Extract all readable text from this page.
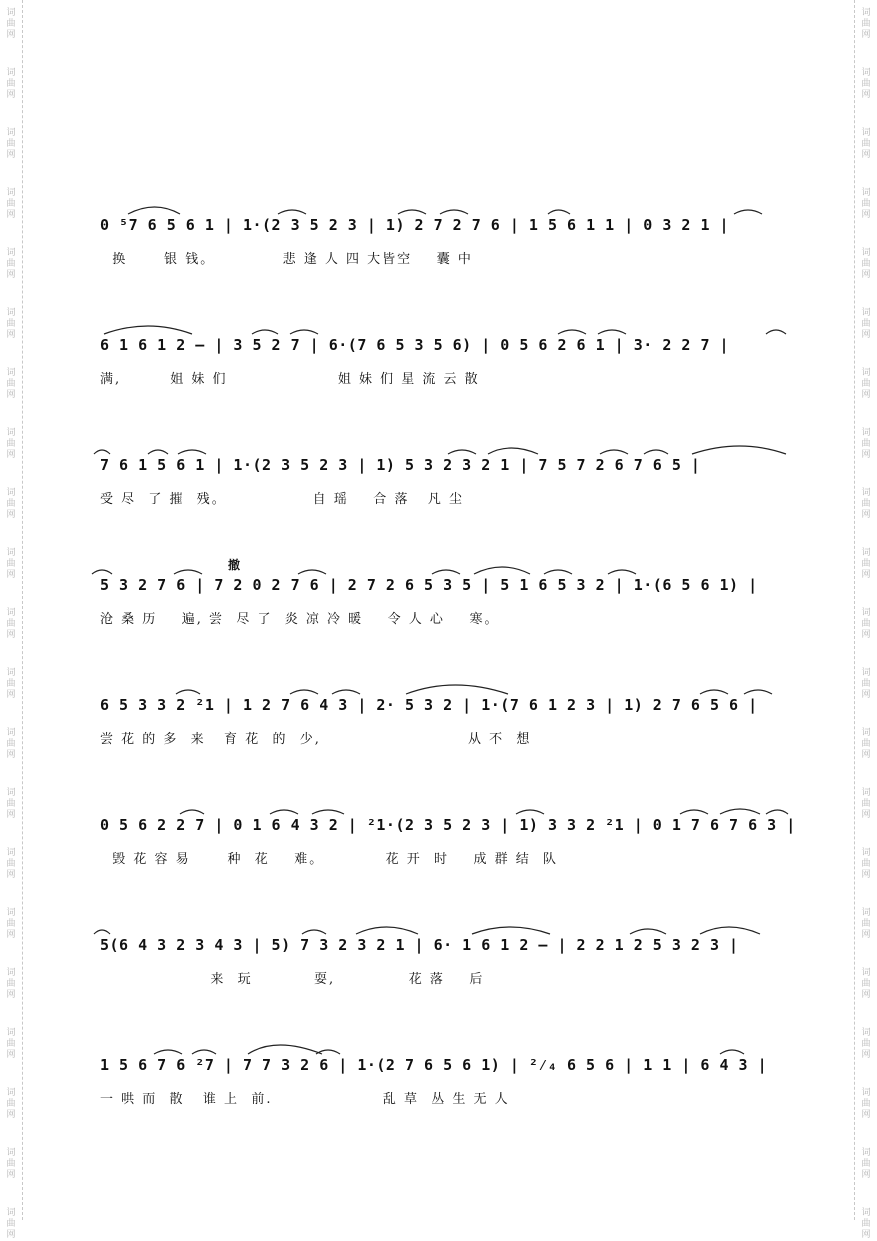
词
曲
网
词
曲
网
词
曲
网
词
曲
网
词
曲
网
词
曲
网
词
曲
网
词
曲
网
词
曲
网
词
曲
网
词
曲
网
词
曲
网
词
曲
网
词
曲
网
词
曲
网
词
曲
网
词
曲
网
词
曲
网
词
曲
网
词
曲
网
词
曲
网
词
曲
网
词
曲
网
词
曲
网
词
曲
网
词
曲
网
词
曲
网
词
曲
网
词
曲
网
词
曲
网
词
曲
网
词
曲
网
词
曲
网
词
曲
网
词
曲
网
词
曲
网
词
曲
网
词
曲
网
词
曲
网
词
曲
网
词
曲
网
词
曲
网
0 ⁵7 6 5 6 1 | 1·(2 3 5 2 3 | 1) 2 7 2 7 6 | 1 5 6 1 1 | 0 3 2 1 |
换      银 钱。           悲 逢 人 四 大皆空    囊 中
6 1 6 1 2 – | 3 5 2 7 | 6·(7 6 5 3 5 6) | 0 5 6 2 6 1 | 3· 2 2 7 |
满,        姐 妹 们                  姐 妹 们 星 流 云 散
7 6 1 5 6 1 | 1·(2 3 5 2 3 | 1) 5 3 2 3 2 1 | 7 5 7 2 6 7 6 5 |
受 尽  了 摧  残。              自 瑶    合 落   凡 尘
撤
5 3 2 7 6 | 7 2 0 2 7 6 | 2 7 2 6 5 3 5 | 5 1 6 5 3 2 | 1·(6 5 6 1) |
沧 桑 历    遍, 尝  尽 了  炎 凉 冷 暖    令 人 心    寒。
6 5 3 3 2 ²1 | 1 2 7 6 4 3 | 2· 5 3 2 | 1·(7 6 1 2 3 | 1) 2 7 6 5 6 |
尝 花 的 多  来   育 花  的  少,                        从 不  想
0 5 6 2 2 7 | 0 1 6 4 3 2 | ²1·(2 3 5 2 3 | 1) 3 3 2 ²1 | 0 1 7 6 7 6 3 |
毁 花 容 易      种  花    难。          花 开  时    成 群 结  队
5(6 4 3 2 3 4 3 | 5) 7 3 2 3 2 1 | 6· 1 6 1 2 – | 2 2 1 2 5 3 2 3 |
来  玩          耍,            花 落    后
1 5 6 7 6 ²7 | 7 7 3 2 6 | 1·(2 7 6 5 6 1) | ²⁄₄ 6 5 6 | 1 1 | 6 4 3 |
一 哄 而  散   谁 上  前.                  乱 草  丛 生 无 人
